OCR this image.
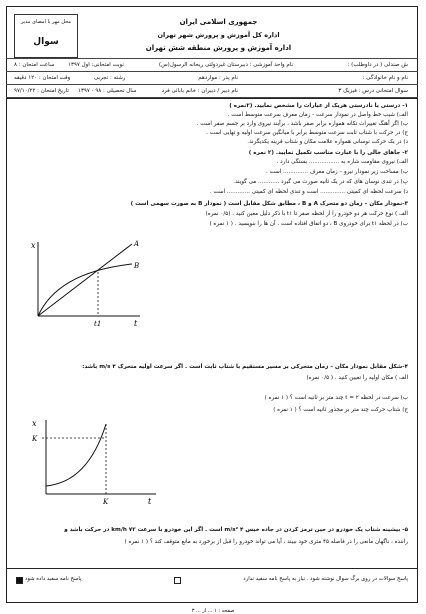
محل مهر یا امضای مدیر
سوال
جمهوری اسلامی ایران
اداره کل آموزش و پرورش شهر تهران
اداره آموزش و پرورش منطقه شش تهران
ش صندلی ( در داوطلب) :
نام واحد آموزشی : دبیرستان غیردولتی ریحانه الرسول(س)
نوبت امتحانی: اول ۱۳۹۷
ساعت امتحان : ۸
نام و نام خانوادگی :
نام پدر : مواردهم
رشته : تجربی
وقت امتحان : ۱۲۰ دقیقه
سوال امتحانی درس : فیزیک ۳
نام دبیر / دبیران : خانم بابائی فرد
سال تحصیلی : ۹۸ - ۱۳۹۷
تاریخ امتحان : ۹۷/۱۰/۲۲
۱- درستی یا نادرستی هریک از عبارات را مشخص نمایید. (۲نمره )
الف) شیب خط واصل در نمودار سرعت - زمان معرف سرعت متوسط است .
ب) اگر آهنگ تغییرات تکانه همواره برابر صفر باشد ، برآیند نیروی وارد بر جسم صفر است .
ج) در حرکت با شتاب ثابت سرعت متوسط برابر با میانگین سرعت اولیه و نهایی است .
د) در یک حرکت نوسانی همواره علامت مکان و شتاب قرینه یکدیگرند.
۲- جاهای خالی را با عبارت مناسب تکمیل نمایید. (۲ نمره )
الف) نیروی مقاومت شاره به ................. بستگی دارد .
ب) مساحت زیر نمودار نیرو – زمان معرف .............. است .
پ) در تندی نوسان های که در یک ثانیه صورت می گیرد ............ می گویند.
د) سرعت لحظه ای کمیتی .............. است و تندی لحظه ای کمیتی ............. است .
۳-نمودار مکان – زمان دو متحرک A و B ، مطابق شکل مقابل است ( نمودار B به صورت سهمی است )
الف ) نوع حرکت هر دو خودرو را از لحظه صفر تا t۱ با ذکر دلیل معین کنید . (۰/۵ نمره)
ب) در لحظه t۱ برای خودروی B ، دو اتفاق افتاده است . آن ها را بنویسید . ( ۱ نمره )
x
t
t1
A
B
۴-شکل مقابل نمودار مکان – زمان متحرکی بر مسیر مستقیم با شتاب ثابت است . اگر سرعت اولیه متحرک ۴ m/s باشد:
الف ) مکان اولیه را تعیین کنید . ( ۰/۵ نمره)
ب) سرعت در لحظه t = ۲ چند متر بر ثانیه است ؟ ( ۱ نمره )
ج) شتاب حرکت چند متر بر مجذور ثانیه است ؟ ( ۱ نمره )
x
K
K	t
۵- بیشینه شتاب یک خودرو در حین ترمز کردن در جاده خیس ۴ m/s² است . اگر این خودرو با سرعت ۷۲ km/h در حرکت باشد و
راننده ، ناگهان مانعی را در فاصله ۴۵ متری خود ببیند ، آیا می تواند خودرو را قبل از برخورد به مانع متوقف کند ؟ ( ۱ نمره )
پاسخ نامه سفید داده شود	پاسخ سوالات در روی برگ سوال نوشته شود . نیاز به پاسخ نامه سفید ندارد
صفحه : ۱ ... از ... ۳
